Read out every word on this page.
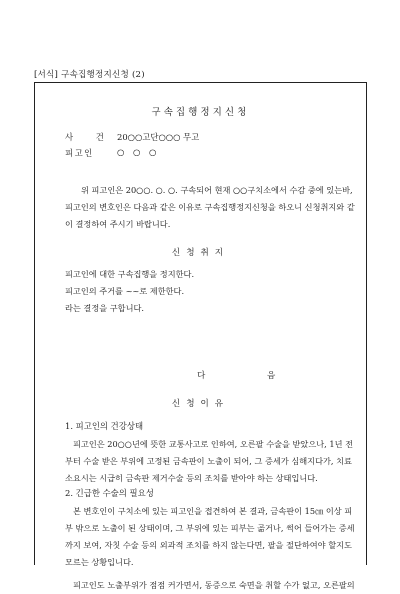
[서식] 구속집행정지신청 (2)
구속집행정지신청
사 건 20○○고단○○○ 무고
피고인	○ ○ ○
위 피고인은 20○○. ○. ○. 구속되어 현재 ○○구치소에서 수감 중에 있는바, 피고인의 변호인은 다음과 같은 이유로 구속집행정지신청을 하오니 신청취지와 같이 결정하여 주시기 바랍니다.
신청취지
피고인에 대한 구속집행을 정지한다.
피고인의 주거를 ~~로 제한한다.
라는 결정을 구합니다.
다	음
신청이유
1. 피고인의 건강상태
피고인은 20○○년에 뜻한 교통사고로 인하여, 오른팔 수술을 받았으나, 1년 전부터 수술 받은 부위에 고정된 금속판이 노출이 되어, 그 증세가 심해지다가, 치료소요시는 시급히 금속판 제거수술 등의 조치를 받아야 하는 상태입니다.
2. 긴급한 수술의 필요성
본 변호인이 구치소에 있는 피고인을 접견하여 본 결과, 금속판이 15㎝ 이상 피부 밖으로 노출이 된 상태이며, 그 부위에 있는 피부는 곪거나, 썩어 들어가는 증세까지 보여, 자칫 수술 등의 외과적 조치를 하지 않는다면, 팔을 절단하여야 할지도 모르는 상황입니다.
피고인도 노출부위가 점점 커가면서, 동증으로 숙면을 취할 수가 없고, 오른팔의
